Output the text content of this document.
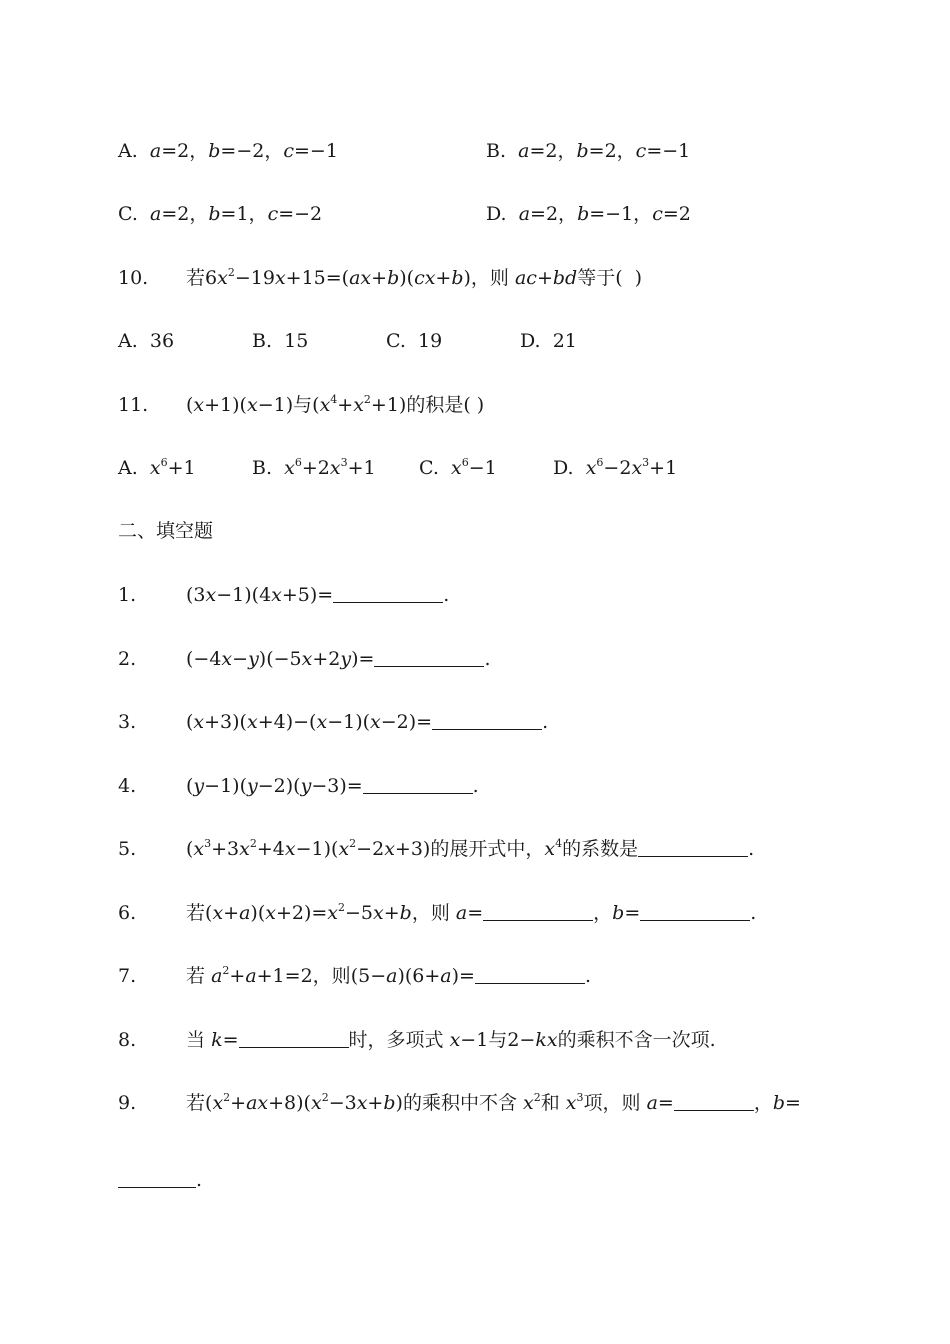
A. a=2，b=−2，c=−1	B. a=2，b=2，c=−1
C. a=2，b=1，c=−2	D. a=2，b=−1，c=2
10. 若$6x^2-19x+15=(ax+b)(cx+b)$，则 ac+bd等于(  )
A. 36	B. 15	C. 19	D. 21
11. (x+1)(x−1)与$(x^4+x^2+1)$的积是( )
A. $x^6+1$	B. $x^6+2x^3+1$ C. $x^6-1$	D. $x^6-2x^3+1$
二、填空题
1.	(3x−1)(4x+5)=	.
2.	(−4x−y)(−5x+2y)=	.
3.	(x+3)(x+4)−(x−1)(x−2)=	.
4.	(y−1)(y−2)(y−3)=	.
5.	$(x^3+3x^2+4x-1)(x^2-2x+3)$的展开式中，$x^4$的系数是	.
6.	若$(x+a)(x+2)=x^2-5x+b$，则 a=	，b=	.
7.	若 $a^2+a+1=2$，则(5−a)(6+a)=	.
8.	当 k=	时，多项式 x−1与2−kx的乘积不含一次项.
9.	若$(x^2+ax+8)(x^2-3x+b)$的乘积中不含 $x^2$和 $x^3$项，则 a=	，b=
.
